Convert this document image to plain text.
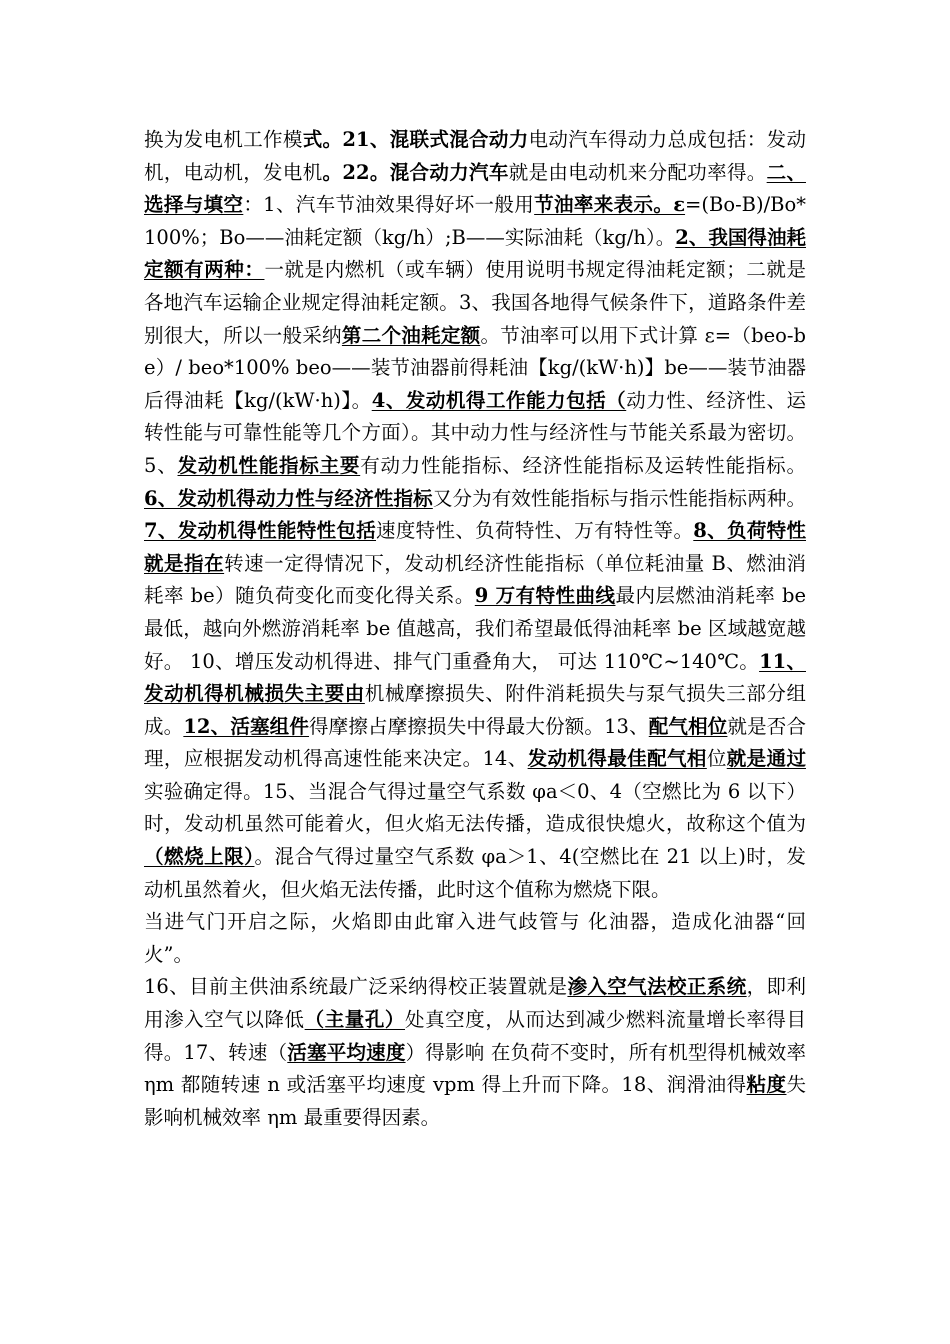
换为发电机工作模式。21、混联式混合动力电动汽车得动力总成包括：发动机，电动机，发电机。22。混合动力汽车就是由电动机来分配功率得。二、选择与填空：1、汽车节油效果得好坏一般用节油率来表示。ε=(Bo-B)/Bo*100%；Bo——油耗定额（kg/h）;B——实际油耗（kg/h）。2、我国得油耗定额有两种：一就是内燃机（或车辆）使用说明书规定得油耗定额；二就是各地汽车运输企业规定得油耗定额。3、我国各地得气候条件下，道路条件差别很大，所以一般采纳第二个油耗定额。节油率可以用下式计算 ε=（beo-be）/ beo*100% beo——装节油器前得耗油【kg/(kW·h)】be——装节油器后得油耗【kg/(kW·h)】。4、发动机得工作能力包括（动力性、经济性、运转性能与可靠性能等几个方面）。其中动力性与经济性与节能关系最为密切。5、发动机性能指标主要有动力性能指标、经济性能指标及运转性能指标。6、发动机得动力性与经济性指标又分为有效性能指标与指示性能指标两种。7、发动机得性能特性包括速度特性、负荷特性、万有特性等。8、负荷特性就是指在转速一定得情况下，发动机经济性能指标（单位耗油量 B、燃油消耗率 be）随负荷变化而变化得关系。9 万有特性曲线最内层燃油消耗率 be 最低，越向外燃游消耗率 be 值越高，我们希望最低得油耗率 be 区域越宽越好。 10、增压发动机得进、排气门重叠角大， 可达 110℃~140℃。11、发动机得机械损失主要由机械摩擦损失、附件消耗损失与泵气损失三部分组成。12、活塞组件得摩擦占摩擦损失中得最大份额。13、配气相位就是否合理，应根据发动机得高速性能来决定。14、发动机得最佳配气相位就是通过实验确定得。15、当混合气得过量空气系数 φa＜0、4（空燃比为 6 以下）时，发动机虽然可能着火，但火焰无法传播，造成很快熄火，故称这个值为（燃烧上限）。混合气得过量空气系数 φa＞1、4(空燃比在 21 以上)时，发动机虽然着火，但火焰无法传播，此时这个值称为燃烧下限。

当进气门开启之际，火焰即由此窜入进气歧管与 化油器，造成化油器“回火”。

16、目前主供油系统最广泛采纳得校正装置就是渗入空气法校正系统，即利用渗入空气以降低（主量孔）处真空度，从而达到减少燃料流量增长率得目得。17、转速（活塞平均速度）得影响 在负荷不变时，所有机型得机械效率 ηm 都随转速 n 或活塞平均速度 vpm 得上升而下降。18、润滑油得粘度失影响机械效率 ηm 最重要得因素。
